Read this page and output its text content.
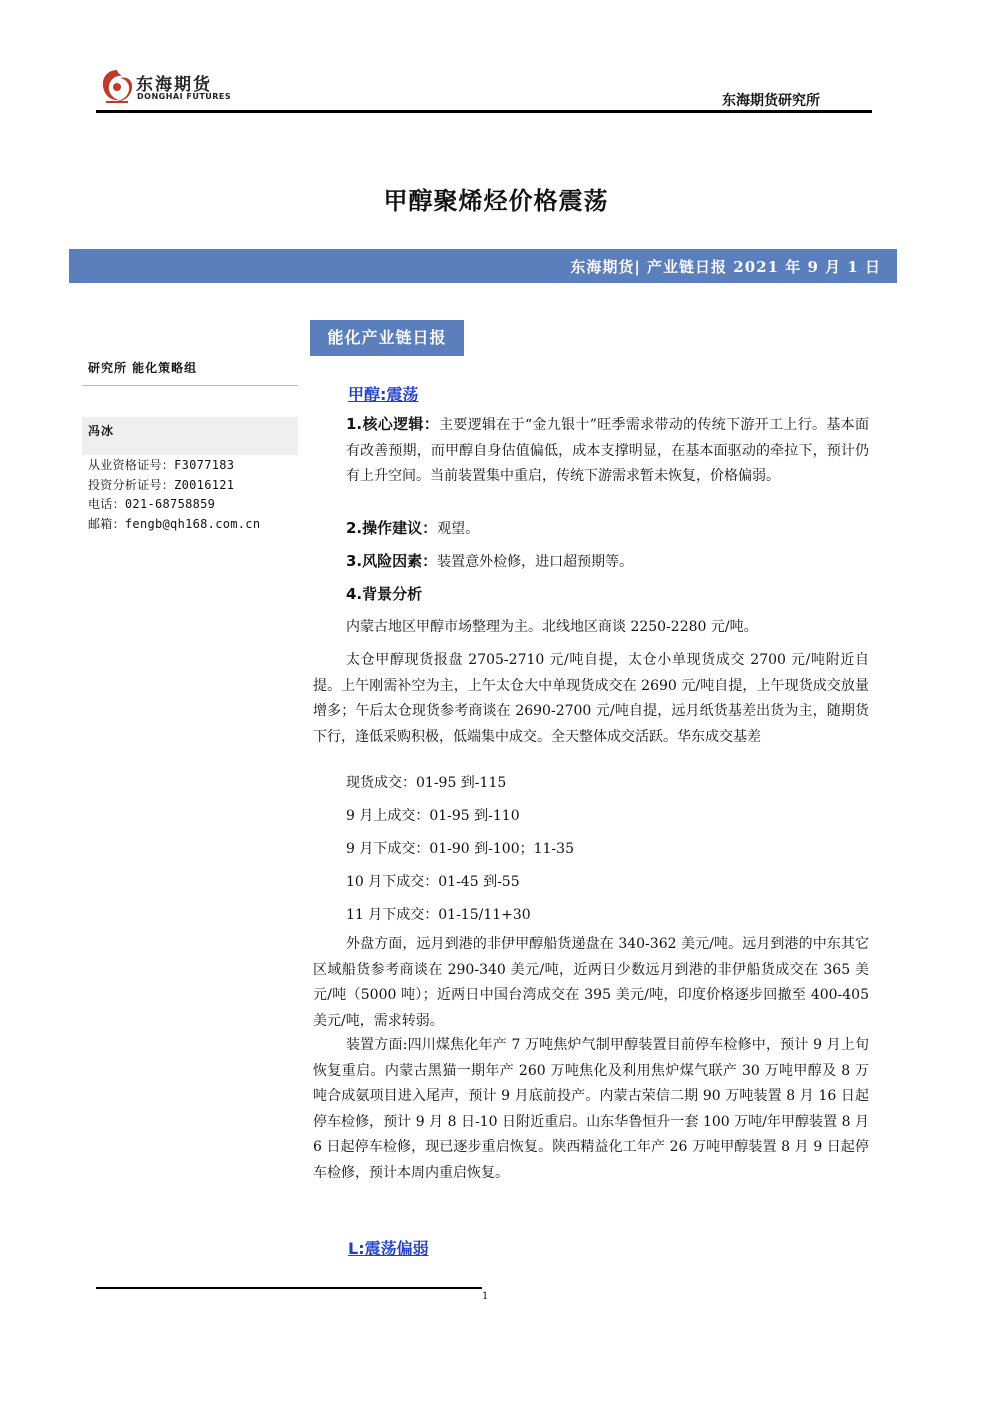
东海期货
DONGHAI FUTURES	东海期货研究所
甲醇聚烯烃价格震荡
东海期货| 产业链日报 2021 年 9 月 1 日
能化产业链日报
研究所 能化策略组
冯冰
从业资格证号：F3077183
投资分析证号：Z0016121
电话：021-68758859
邮箱：fengb@qh168.com.cn
甲醇:震荡
1.核心逻辑：主要逻辑在于“金九银十”旺季需求带动的传统下游开工上行。基本面有改善预期，而甲醇自身估值偏低，成本支撑明显，在基本面驱动的牵拉下，预计仍有上升空间。当前装置集中重启，传统下游需求暂未恢复，价格偏弱。
2.操作建议：观望。
3.风险因素：装置意外检修，进口超预期等。
4.背景分析
内蒙古地区甲醇市场整理为主。北线地区商谈 2250-2280 元/吨。
太仓甲醇现货报盘 2705-2710 元/吨自提，太仓小单现货成交 2700 元/吨附近自提。上午刚需补空为主，上午太仓大中单现货成交在 2690 元/吨自提，上午现货成交放量增多；午后太仓现货参考商谈在 2690-2700 元/吨自提，远月纸货基差出货为主，随期货下行，逢低采购积极，低端集中成交。全天整体成交活跃。华东成交基差
现货成交：01-95 到-115
9 月上成交：01-95 到-110
9 月下成交：01-90 到-100；11-35
10 月下成交：01-45 到-55
11 月下成交：01-15/11+30
外盘方面，远月到港的非伊甲醇船货递盘在 340-362 美元/吨。远月到港的中东其它区域船货参考商谈在 290-340 美元/吨，近两日少数远月到港的非伊船货成交在 365 美元/吨（5000 吨）；近两日中国台湾成交在 395 美元/吨，印度价格逐步回撤至 400-405 美元/吨，需求转弱。
装置方面:四川煤焦化年产 7 万吨焦炉气制甲醇装置目前停车检修中，预计 9 月上旬恢复重启。内蒙古黑猫一期年产 260 万吨焦化及利用焦炉煤气联产 30 万吨甲醇及 8 万吨合成氨项目进入尾声，预计 9 月底前投产。内蒙古荣信二期 90 万吨装置 8 月 16 日起停车检修，预计 9 月 8 日-10 日附近重启。山东华鲁恒升一套 100 万吨/年甲醇装置 8 月 6 日起停车检修，现已逐步重启恢复。陕西精益化工年产 26 万吨甲醇装置 8 月 9 日起停车检修，预计本周内重启恢复。
L:震荡偏弱
1
